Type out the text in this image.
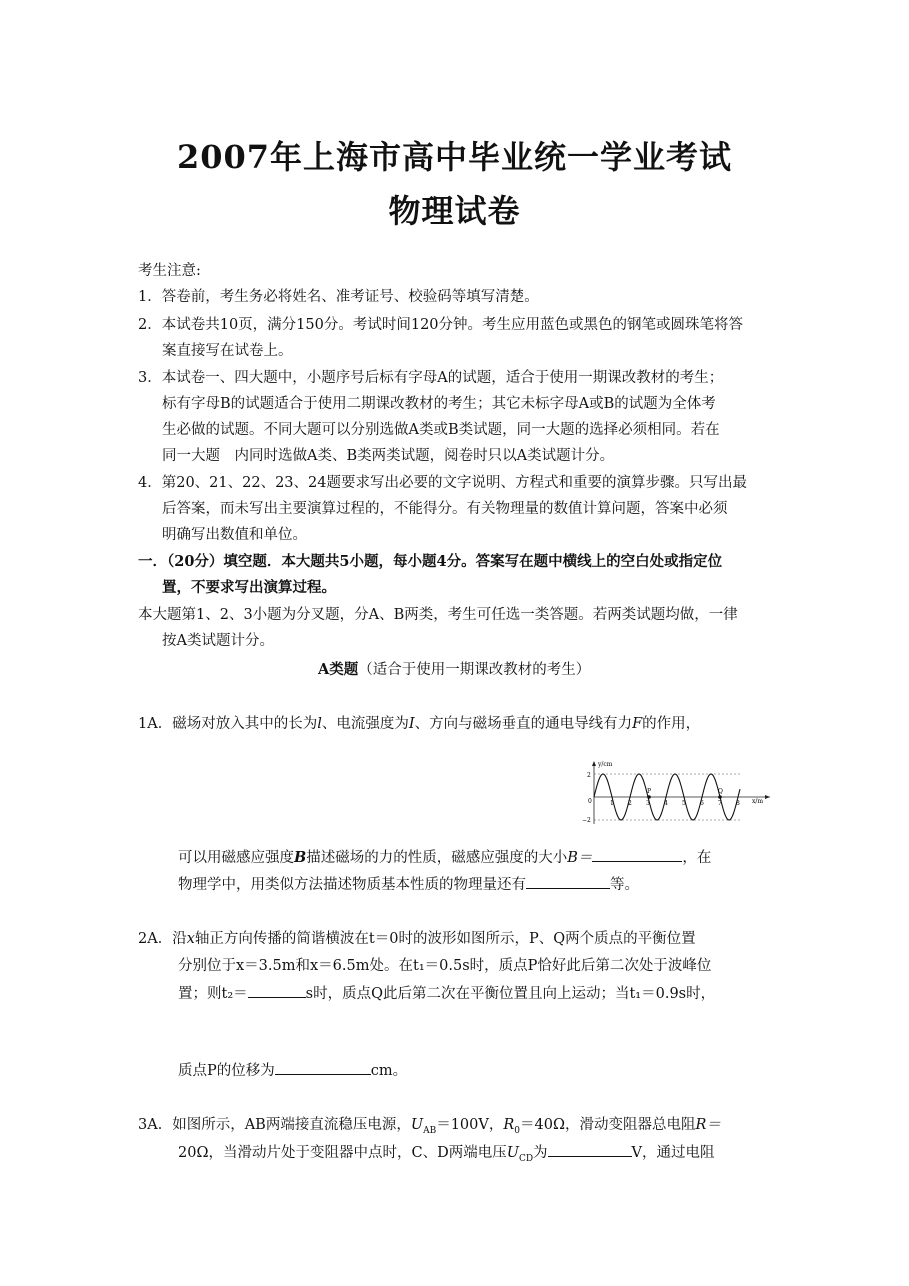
2007年上海市高中毕业统一学业考试
物理试卷
考生注意:
1．答卷前，考生务必将姓名、准考证号、校验码等填写清楚。
2．本试卷共10页，满分150分。考试时间120分钟。考生应用蓝色或黑色的钢笔或圆珠笔将答
案直接写在试卷上。
3．本试卷一、四大题中，小题序号后标有字母A的试题，适合于使用一期课改教材的考生；
标有字母B的试题适合于使用二期课改教材的考生；其它未标字母A或B的试题为全体考
生必做的试题。不同大题可以分别选做A类或B类试题，同一大题的选择必须相同。若在
同一大题　内同时选做A类、B类两类试题，阅卷时只以A类试题计分。
4．第20、21、22、23、24题要求写出必要的文字说明、方程式和重要的演算步骤。只写出最
后答案，而未写出主要演算过程的，不能得分。有关物理量的数值计算问题，答案中必须
明确写出数值和单位。
一．（20分）填空题．本大题共5小题，每小题4分。答案写在题中横线上的空白处或指定位
置，不要求写出演算过程。
本大题第1、2、3小题为分叉题，分A、B两类，考生可任选一类答题。若两类试题均做，一律
按A类试题计分。
A类题（适合于使用一期课改教材的考生）
1A．磁场对放入其中的长为l、电流强度为I、方向与磁场垂直的通电导线有力F的作用，
y/cm
x/m
2
−2
0
P	Q
1 2 3 4 5 6 7 8
可以用磁感应强度B描述磁场的力的性质，磁感应强度的大小B＝	，在
物理学中，用类似方法描述物质基本性质的物理量还有	等。
2A．沿x轴正方向传播的简谐横波在t＝0时的波形如图所示，P、Q两个质点的平衡位置
分别位于x＝3.5m和x＝6.5m处。在t₁＝0.5s时，质点P恰好此后第二次处于波峰位
置；则t₂＝	s时，质点Q此后第二次在平衡位置且向上运动；当t₁＝0.9s时，
质点P的位移为	cm。
3A．如图所示，AB两端接直流稳压电源，$U_{AB}=100V$，$R_0=40\Omega$，滑动变阻器总电阻R＝
20Ω，当滑动片处于变阻器中点时，C、D两端电压$U_{CD}$为	V，通过电阻
